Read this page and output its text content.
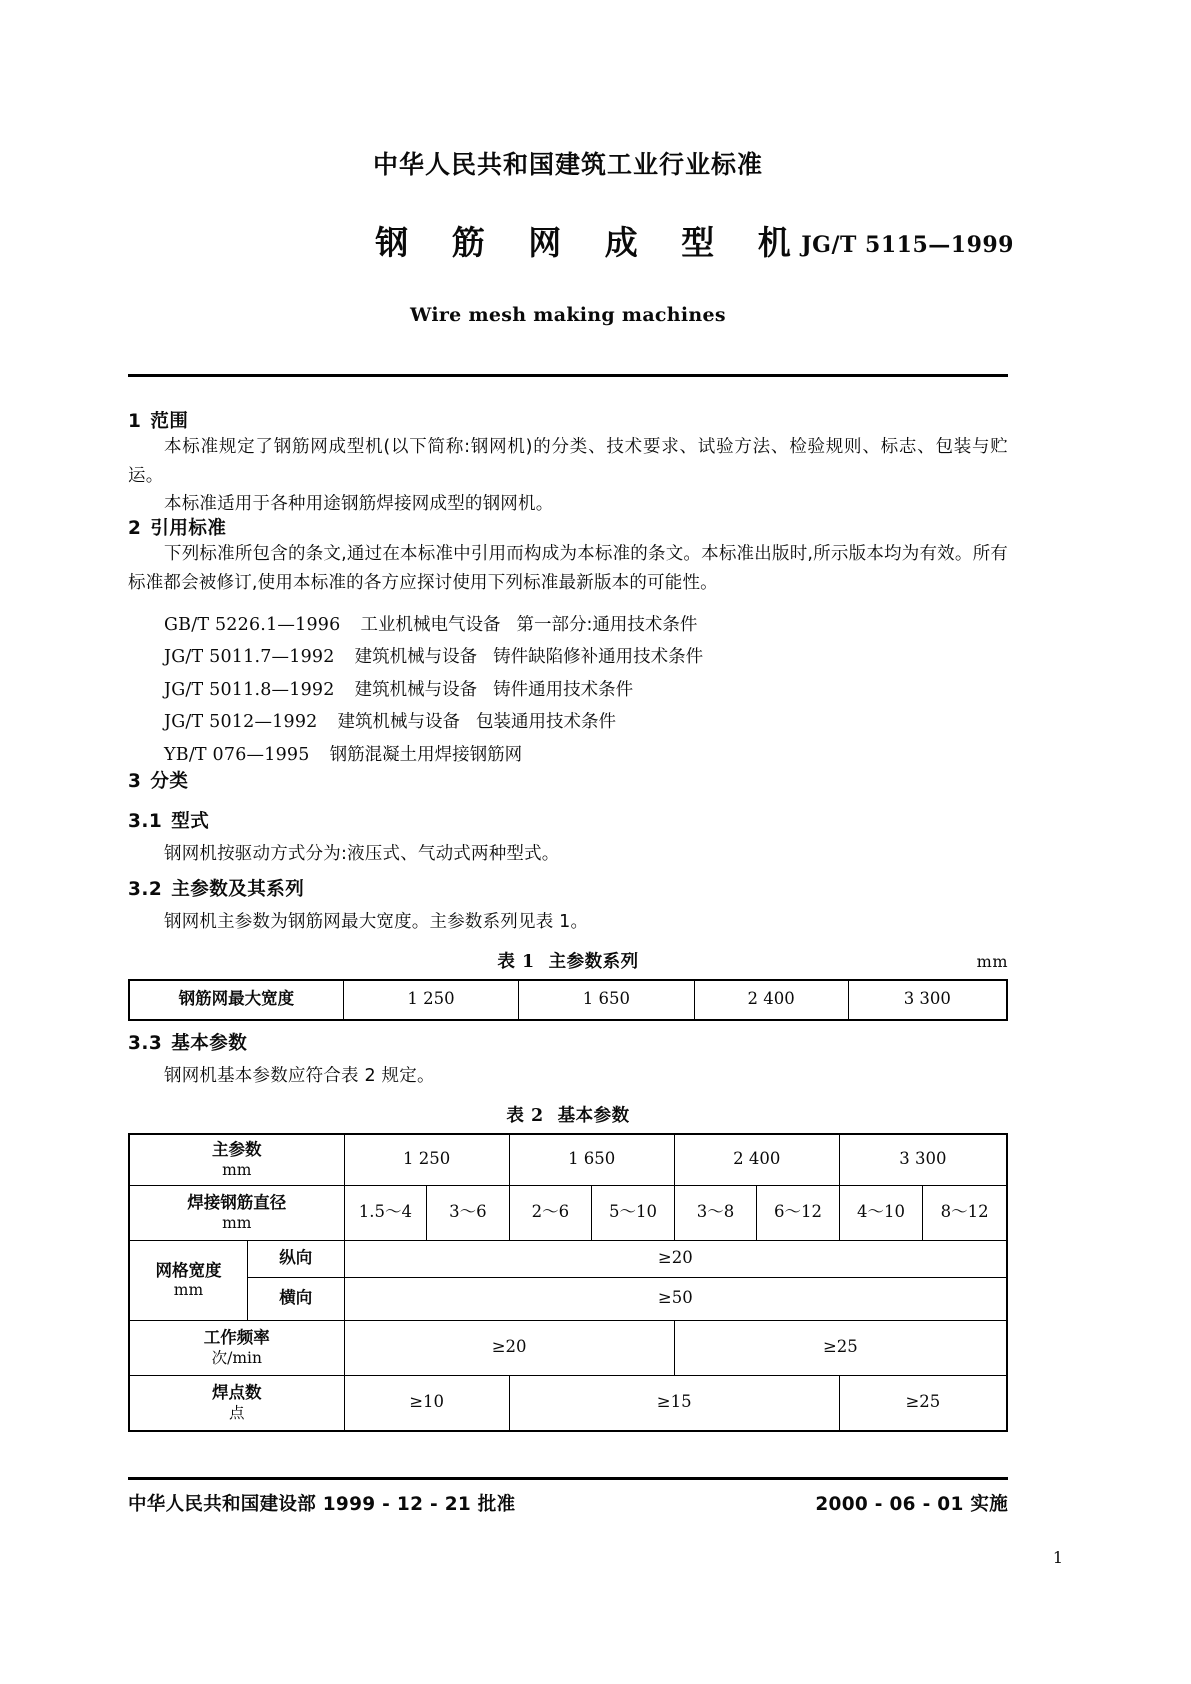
中华人民共和国建筑工业行业标准
钢 筋 网 成 型 机
JG/T 5115—1999
Wire mesh making machines
1 范围

本标准规定了钢筋网成型机(以下简称:钢网机)的分类、技术要求、试验方法、检验规则、标志、包装与贮运。

本标准适用于各种用途钢筋焊接网成型的钢网机。

2 引用标准

下列标准所包含的条文,通过在本标准中引用而构成为本标准的条文。本标准出版时,所示版本均为有效。所有标准都会被修订,使用本标准的各方应探讨使用下列标准最新版本的可能性。

GB/T 5226.1—1996 工业机械电气设备 第一部分:通用技术条件
JG/T 5011.7—1992 建筑机械与设备 铸件缺陷修补通用技术条件
JG/T 5011.8—1992 建筑机械与设备 铸件通用技术条件
JG/T 5012—1992 建筑机械与设备 包装通用技术条件
YB/T 076—1995 钢筋混凝土用焊接钢筋网
3 分类
3.1 型式

钢网机按驱动方式分为:液压式、气动式两种型式。

3.2 主参数及其系列

钢网机主参数为钢筋网最大宽度。主参数系列见表 1。

表 1 主参数系列	mm
钢筋网最大宽度	1 250	1 650	2 400	3 300
3.3 基本参数

钢网机基本参数应符合表 2 规定。

表 2 基本参数
主参数
mm		1 250		1 650		2 400		3 300	
焊接钢筋直径
mm		1.5～4	3～6	2～6	5～10	3～8	6～12	4～10	8～12
网格宽度
mm	纵向	≥20							
	横向	≥50							
工作频率
次/min		≥20				≥25			
焊点数
点		≥10		≥15				≥25	
中华人民共和国建设部 1999 - 12 - 21 批准	2000 - 06 - 01 实施
1
